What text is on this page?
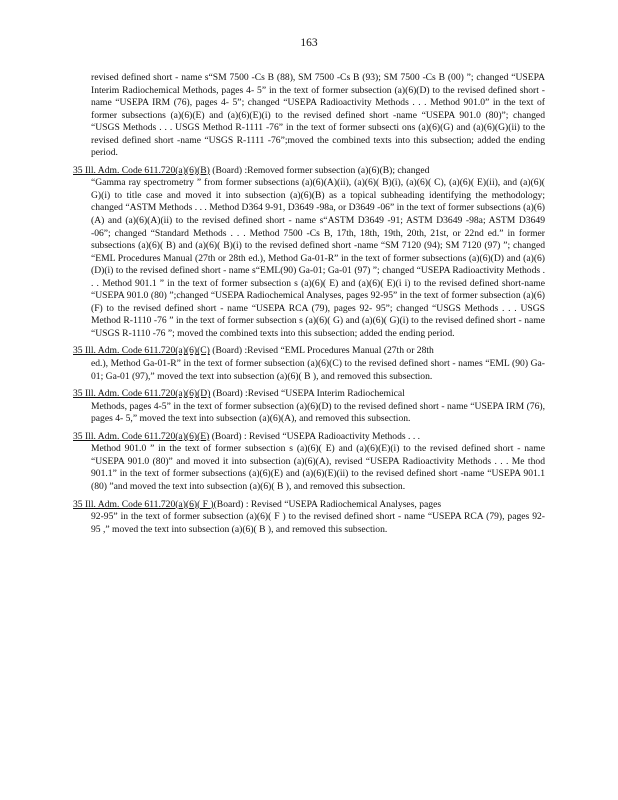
163

revised defined short - name s“SM 7500 -Cs B (88), SM 7500 -Cs B (93); SM 7500 -Cs B (00) ”; changed “USEPA Interim Radiochemical Methods, pages 4- 5” in the text of former subsection (a)(6)(D) to the revised defined short - name “USEPA IRM (76), pages 4- 5”; changed “USEPA Radioactivity Methods . . . Method 901.0” in the text of former subsections (a)(6)(E) and (a)(6)(E)(i) to the revised defined short -name “USEPA 901.0 (80)”; changed “USGS Methods . . . USGS Method R-1111 -76” in the text of former subsecti ons (a)(6)(G) and (a)(6)(G)(ii) to the revised defined short -name “USGS R-1111 -76”;moved the combined texts into this subsection; added the ending period.

35 Ill. Adm. Code 611.720(a)(6)(B) (Board) :Removed former subsection (a)(6)(B); changed
“Gamma ray spectrometry ” from former subsections (a)(6)(A)(ii), (a)(6)( B)(i), (a)(6)( C), (a)(6)( E)(ii), and (a)(6)( G)(i) to title case and moved it into subsection (a)(6)(B) as a topical subheading identifying the methodology; changed “ASTM Methods . . . Method D364 9-91, D3649 -98a, or D3649 -06” in the text of former subsections (a)(6)(A) and (a)(6)(A)(ii) to the revised defined short - name s“ASTM D3649 -91; ASTM D3649 -98a; ASTM D3649 -06”; changed “Standard Methods . . . Method 7500 -Cs B, 17th, 18th, 19th, 20th, 21st, or 22nd ed.” in former subsections (a)(6)( B) and (a)(6)( B)(i) to the revised defined short -name “SM 7120 (94); SM 7120 (97) ”; changed “EML Procedures Manual (27th or 28th ed.), Method Ga-01-R” in the text of former subsections (a)(6)(D) and (a)(6)(D)(i) to the revised defined short - name s“EML(90) Ga-01; Ga-01 (97) ”; changed “USEPA Radioactivity Methods . . . Method 901.1 ” in the text of former subsection s (a)(6)( E) and (a)(6)( E)(i i) to the revised defined short-name “USEPA 901.0 (80) ”;changed “USEPA Radiochemical Analyses, pages 92-95” in the text of former subsection (a)(6)(F) to the revised defined short - name “USEPA RCA (79), pages 92- 95”; changed “USGS Methods . . . USGS Method R-1110 -76 ” in the text of former subsection s (a)(6)( G) and (a)(6)( G)(i) to the revised defined short - name “USGS R-1110 -76 ”; moved the combined texts into this subsection; added the ending period.
35 Ill. Adm. Code 611.720(a)(6)(C) (Board) :Revised “EML Procedures Manual (27th or 28th
ed.), Method Ga-01-R” in the text of former subsection (a)(6)(C) to the revised defined short - names “EML (90) Ga-01; Ga-01 (97),” moved the text into subsection (a)(6)( B ), and removed this subsection.
35 Ill. Adm. Code 611.720(a)(6)(D) (Board) :Revised “USEPA Interim Radiochemical
Methods, pages 4-5” in the text of former subsection (a)(6)(D) to the revised defined short - name “USEPA IRM (76), pages 4- 5,” moved the text into subsection (a)(6)(A), and removed this subsection.
35 Ill. Adm. Code 611.720(a)(6)(E) (Board) : Revised “USEPA Radioactivity Methods . . .
Method 901.0 ” in the text of former subsection s (a)(6)( E) and (a)(6)(E)(i) to the revised defined short - name “USEPA 901.0 (80)” and moved it into subsection (a)(6)(A), revised “USEPA Radioactivity Methods . . . Me thod 901.1” in the text of former subsections (a)(6)(E) and (a)(6)(E)(ii) to the revised defined short -name “USEPA 901.1 (80) ”and moved the text into subsection (a)(6)( B ), and removed this subsection.
35 Ill. Adm. Code 611.720(a)(6)( F )(Board) : Revised “USEPA Radiochemical Analyses, pages
92-95” in the text of former subsection (a)(6)( F ) to the revised defined short - name “USEPA RCA (79), pages 92- 95 ,” moved the text into subsection (a)(6)( B ), and removed this subsection.
